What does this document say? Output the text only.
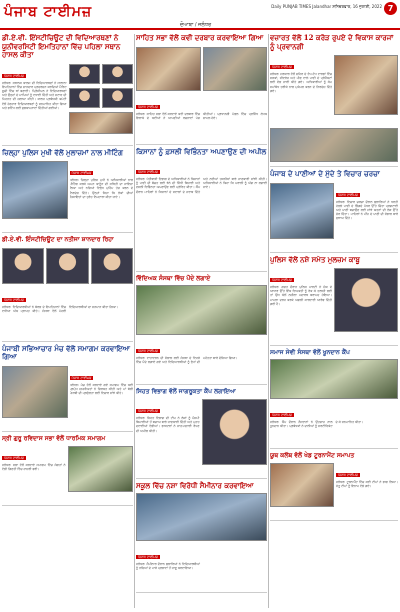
ਪੰਜਾਬ ਟਾਈਮਜ਼	Daily PUNJAB TIMES Jalandhar ਸ਼ਨਿਚਰਵਾਰ, 16 ਜੁਲਾਈ, 2022 7
ਦੋਆਬਾ / ਜਲੰਧਰ
ਡੀ.ਏ.ਵੀ. ਇੰਸਟੀਚਿਊਟ ਦੀ ਵਿਦਿਆਰਥਣਾਂ ਨੇ ਯੂਨੀਵਰਸਿਟੀ ਇਮਤਿਹਾਨਾਂ ਵਿੱਚ ਪਹਿਲਾ ਸਥਾਨ ਹਾਸਲ ਕੀਤਾ
ਪੰਜਾਬ ਟਾਈਮਜ਼
ਜਲੰਧਰ: ਸਥਾਨਕ ਕਾਲਜ ਦੀ ਵਿਦਿਆਰਥਣਾਂ ਨੇ ਸਾਲਾਨਾ ਇਮਤਿਹਾਨਾਂ ਵਿੱਚ ਸ਼ਾਨਦਾਰ ਪ੍ਰਦਰਸ਼ਨ ਕਰਦਿਆਂ ਮੈਰਿਟ ਸੂਚੀ ਵਿੱਚ ਥਾਂ ਬਣਾਈ। ਪ੍ਰਿੰਸੀਪਲ ਨੇ ਵਿਦਿਆਰਥਣਾਂ ਅਤੇ ਉਨ੍ਹਾਂ ਦੇ ਮਾਪਿਆਂ ਨੂੰ ਵਧਾਈ ਦਿੱਤੀ ਅਤੇ ਸਟਾਫ ਦੀ ਮਿਹਨਤ ਦੀ ਸ਼ਲਾਘਾ ਕੀਤੀ। ਕਾਲਜ ਪ੍ਰਬੰਧਕੀ ਕਮੇਟੀ ਵੱਲੋਂ ਹੋਣਹਾਰ ਵਿਦਿਆਰਥਣਾਂ ਨੂੰ ਸਨਮਾਨਿਤ ਕੀਤਾ ਗਿਆ ਅਤੇ ਭਵਿੱਖ ਲਈ ਸ਼ੁਭਕਾਮਨਾਵਾਂ ਦਿੱਤੀਆਂ ਗਈਆਂ।
ਜ਼ਿਲ੍ਹਾ ਪੁਲਿਸ ਮੁਖੀ ਵੱਲੋਂ ਮੁਲਾਜ਼ਮਾਂ ਨਾਲ ਮੀਟਿੰਗ
ਪੰਜਾਬ ਟਾਈਮਜ਼
ਜਲੰਧਰ: ਜ਼ਿਲ੍ਹਾ ਪੁਲਿਸ ਮੁਖੀ ਨੇ ਅਧਿਕਾਰੀਆਂ ਨਾਲ ਮੀਟਿੰਗ ਕਰਕੇ ਅਮਨ ਕਾਨੂੰਨ ਦੀ ਸਥਿਤੀ ਦਾ ਜਾਇਜ਼ਾ ਲਿਆ ਅਤੇ ਨਸ਼ਿਆਂ ਵਿਰੁੱਧ ਮੁਹਿੰਮ ਤੇਜ਼ ਕਰਨ ਦੇ ਨਿਰਦੇਸ਼ ਦਿੱਤੇ। ਉਨ੍ਹਾਂ ਕਿਹਾ ਕਿ ਲੋਕਾਂ ਦੀਆਂ ਸ਼ਿਕਾਇਤਾਂ ਦਾ ਤੁਰੰਤ ਨਿਪਟਾਰਾ ਕੀਤਾ ਜਾਵੇ।
ਡੀ.ਏ.ਵੀ. ਇੰਸਟੀਚਿਊਟ ਦਾ ਨਤੀਜਾ ਸ਼ਾਨਦਾਰ ਰਿਹਾ
ਪੰਜਾਬ ਟਾਈਮਜ਼
ਜਲੰਧਰ: ਵਿਦਿਆਰਥੀਆਂ ਨੇ ਬੋਰਡ ਦੇ ਇਮਤਿਹਾਨਾਂ ਵਿੱਚ ਵਧੀਆ ਅੰਕ ਪ੍ਰਾਪਤ ਕੀਤੇ। ਸੰਸਥਾ ਵੱਲੋਂ ਮੋਹਰੀ ਵਿਦਿਆਰਥੀਆਂ ਦਾ ਸਨਮਾਨ ਕੀਤਾ ਗਿਆ।
ਪੰਜਾਬੀ ਸਭਿਆਚਾਰ ਮੰਚ ਵੱਲੋਂ ਸਮਾਗਮ ਕਰਵਾਇਆ ਗਿਆ
ਪੰਜਾਬ ਟਾਈਮਜ਼
ਜਲੰਧਰ: ਮੰਚ ਵੱਲੋਂ ਕਰਵਾਏ ਗਏ ਸਮਾਗਮ ਵਿੱਚ ਕਈ ਪ੍ਰਮੁੱਖ ਸ਼ਖ਼ਸੀਅਤਾਂ ਨੇ ਸ਼ਿਰਕਤ ਕੀਤੀ ਅਤੇ ਮਾਂ ਬੋਲੀ ਪੰਜਾਬੀ ਦੀ ਪ੍ਰਫੁੱਲਤਾ ਲਈ ਵਿਚਾਰ ਸਾਂਝੇ ਕੀਤੇ।
ਸ੍ਰੀ ਗੁਰੂ ਰਵਿਦਾਸ ਸਭਾ ਵੱਲੋਂ ਧਾਰਮਿਕ ਸਮਾਗਮ
ਪੰਜਾਬ ਟਾਈਮਜ਼
ਜਲੰਧਰ: ਸਭਾ ਵੱਲੋਂ ਕਰਵਾਏ ਸਮਾਗਮ ਵਿੱਚ ਸੰਗਤਾਂ ਨੇ ਵੱਡੀ ਗਿਣਤੀ ਵਿੱਚ ਹਾਜ਼ਰੀ ਭਰੀ।
ਸਾਹਿਤ ਸਭਾ ਵੱਲੋਂ ਕਵੀ ਦਰਬਾਰ ਕਰਵਾਇਆ ਗਿਆ
ਪੰਜਾਬ ਟਾਈਮਜ਼
ਜਲੰਧਰ: ਸਾਹਿਤ ਸਭਾ ਵੱਲੋਂ ਕਰਵਾਏ ਕਵੀ ਦਰਬਾਰ ਵਿੱਚ ਇਲਾਕੇ ਦੇ ਕਵੀਆਂ ਨੇ ਆਪਣੀਆਂ ਰਚਨਾਵਾਂ ਪੇਸ਼ ਕੀਤੀਆਂ। ਪ੍ਰਧਾਨਗੀ ਮੰਡਲ ਵਿੱਚ ਪ੍ਰਸਿੱਧ ਲੇਖਕ ਸ਼ਾਮਲ ਹੋਏ।
ਕਿਸਾਨਾਂ ਨੂੰ ਫ਼ਸਲੀ ਵਿਭਿੰਨਤਾ ਅਪਣਾਉਣ ਦੀ ਅਪੀਲ
ਪੰਜਾਬ ਟਾਈਮਜ਼
ਜਲੰਧਰ: ਖੇਤੀਬਾੜੀ ਵਿਭਾਗ ਦੇ ਅਧਿਕਾਰੀਆਂ ਨੇ ਕਿਸਾਨਾਂ ਨੂੰ ਪਾਣੀ ਦੀ ਬੱਚਤ ਲਈ ਝੋਨੇ ਦੀ ਸਿੱਧੀ ਬਿਜਾਈ ਅਤੇ ਫ਼ਸਲੀ ਵਿਭਿੰਨਤਾ ਅਪਣਾਉਣ ਲਈ ਪ੍ਰੇਰਿਤ ਕੀਤਾ। ਕੈਂਪ ਦੌਰਾਨ ਮਾਹਿਰਾਂ ਨੇ ਕਿਸਾਨਾਂ ਦੇ ਸਵਾਲਾਂ ਦੇ ਜਵਾਬ ਦਿੱਤੇ ਅਤੇ ਨਵੀਆਂ ਤਕਨੀਕਾਂ ਬਾਰੇ ਜਾਣਕਾਰੀ ਸਾਂਝੀ ਕੀਤੀ। ਅਧਿਕਾਰੀਆਂ ਨੇ ਕਿਹਾ ਕਿ ਪਰਾਲੀ ਨੂੰ ਅੱਗ ਨਾ ਲਗਾਈ ਜਾਵੇ।
ਵਿੱਦਿਅਕ ਸੰਸਥਾ ਵਿੱਚ ਪੌਦੇ ਲਗਾਏ
ਪੰਜਾਬ ਟਾਈਮਜ਼
ਜਲੰਧਰ: ਵਾਤਾਵਰਨ ਦੀ ਸੰਭਾਲ ਲਈ ਸੰਸਥਾ ਦੇ ਵਿਹੜੇ ਵਿੱਚ ਪੌਦੇ ਲਗਾਏ ਗਏ ਅਤੇ ਵਿਦਿਆਰਥੀਆਂ ਨੂੰ ਰੁੱਖਾਂ ਦੀ ਮਹੱਤਤਾ ਬਾਰੇ ਦੱਸਿਆ ਗਿਆ।
ਸਿਹਤ ਵਿਭਾਗ ਵੱਲੋਂ ਜਾਗਰੂਕਤਾ ਕੈਂਪ ਲਗਾਇਆ
ਪੰਜਾਬ ਟਾਈਮਜ਼
ਜਲੰਧਰ: ਸਿਹਤ ਵਿਭਾਗ ਦੀ ਟੀਮ ਨੇ ਲੋਕਾਂ ਨੂੰ ਮੌਸਮੀ ਬਿਮਾਰੀਆਂ ਤੋਂ ਬਚਾਅ ਬਾਰੇ ਜਾਣਕਾਰੀ ਦਿੱਤੀ ਅਤੇ ਮੁਫ਼ਤ ਦਵਾਈਆਂ ਵੰਡੀਆਂ। ਡਾਕਟਰਾਂ ਨੇ ਸਾਫ਼-ਸਫ਼ਾਈ ਰੱਖਣ ਦੀ ਅਪੀਲ ਕੀਤੀ।
ਸਕੂਲ ਵਿੱਚ ਨਸ਼ਾ ਵਿਰੋਧੀ ਸੈਮੀਨਾਰ ਕਰਵਾਇਆ
ਪੰਜਾਬ ਟਾਈਮਜ਼
ਜਲੰਧਰ: ਸੈਮੀਨਾਰ ਦੌਰਾਨ ਬੁਲਾਰਿਆਂ ਨੇ ਵਿਦਿਆਰਥੀਆਂ ਨੂੰ ਨਸ਼ਿਆਂ ਦੇ ਮਾੜੇ ਪ੍ਰਭਾਵਾਂ ਤੋਂ ਜਾਣੂ ਕਰਵਾਇਆ।
ਵਜ਼ਾਰਤ ਵੱਲੋਂ 12 ਕਰੋੜ ਰੁਪਏ ਦੇ ਵਿਕਾਸ ਕਾਰਜਾਂ ਨੂੰ ਪ੍ਰਵਾਨਗੀ
ਪੰਜਾਬ ਟਾਈਮਜ਼
ਜਲੰਧਰ: ਸਰਕਾਰ ਵੱਲੋਂ ਸ਼ਹਿਰ ਦੇ ਵੱਖ-ਵੱਖ ਵਾਰਡਾਂ ਵਿੱਚ ਸੜਕਾਂ, ਸੀਵਰੇਜ ਅਤੇ ਪੀਣ ਵਾਲੇ ਪਾਣੀ ਦੇ ਪ੍ਰੋਜੈਕਟਾਂ ਲਈ ਫੰਡ ਜਾਰੀ ਕੀਤੇ ਗਏ। ਅਧਿਕਾਰੀਆਂ ਨੂੰ ਕੰਮ ਸਮਾਂਬੱਧ ਤਰੀਕੇ ਨਾਲ ਮੁਕੰਮਲ ਕਰਨ ਦੇ ਨਿਰਦੇਸ਼ ਦਿੱਤੇ ਗਏ।
ਪੰਜਾਬ ਦੇ ਪਾਣੀਆਂ ਦੇ ਮੁੱਦੇ ਤੇ ਵਿਚਾਰ ਚਰਚਾ
ਪੰਜਾਬ ਟਾਈਮਜ਼
ਜਲੰਧਰ: ਵਿਚਾਰ ਚਰਚਾ ਦੌਰਾਨ ਬੁਲਾਰਿਆਂ ਨੇ ਧਰਤੀ ਹੇਠਲੇ ਪਾਣੀ ਦੇ ਡਿੱਗਦੇ ਪੱਧਰ ਉੱਤੇ ਚਿੰਤਾ ਪ੍ਰਗਟਾਈ ਅਤੇ ਪਾਣੀ ਬਚਾਉਣ ਲਈ ਸਾਂਝੇ ਯਤਨਾਂ ਦੀ ਲੋੜ ਉੱਤੇ ਜ਼ੋਰ ਦਿੱਤਾ। ਮਾਹਿਰਾਂ ਨੇ ਮੀਂਹ ਦੇ ਪਾਣੀ ਦੀ ਸੰਭਾਲ ਬਾਰੇ ਸੁਝਾਅ ਦਿੱਤੇ।
ਪੁਲਿਸ ਵੱਲੋਂ ਨਸ਼ੇ ਸਮੇਤ ਮੁਲਜ਼ਮ ਕਾਬੂ
ਪੰਜਾਬ ਟਾਈਮਜ਼
ਜਲੰਧਰ: ਗਸ਼ਤ ਦੌਰਾਨ ਪੁਲਿਸ ਪਾਰਟੀ ਨੇ ਸ਼ੱਕ ਦੇ ਆਧਾਰ ਉੱਤੇ ਇੱਕ ਵਿਅਕਤੀ ਨੂੰ ਰੋਕ ਕੇ ਤਲਾਸ਼ੀ ਲਈ ਤਾਂ ਉਸ ਕੋਲੋਂ ਨਸ਼ੀਲਾ ਪਦਾਰਥ ਬਰਾਮਦ ਹੋਇਆ। ਮਾਮਲਾ ਦਰਜ ਕਰਕੇ ਅਗਲੀ ਕਾਰਵਾਈ ਆਰੰਭ ਦਿੱਤੀ ਗਈ ਹੈ।
ਸਮਾਜ ਸੇਵੀ ਸੰਸਥਾ ਵੱਲੋਂ ਖੂਨਦਾਨ ਕੈਂਪ
ਪੰਜਾਬ ਟਾਈਮਜ਼
ਜਲੰਧਰ: ਕੈਂਪ ਦੌਰਾਨ ਨੌਜਵਾਨਾਂ ਨੇ ਉਤਸ਼ਾਹ ਨਾਲ ਖੂਨਦਾਨ ਕੀਤਾ। ਪ੍ਰਬੰਧਕਾਂ ਨੇ ਦਾਨੀਆਂ ਨੂੰ ਸਰਟੀਫਿਕੇਟ ਦੇ ਕੇ ਸਨਮਾਨਿਤ ਕੀਤਾ।
ਯੂਥ ਕਲੱਬ ਵੱਲੋਂ ਖੇਡ ਟੂਰਨਾਮੈਂਟ ਸਮਾਪਤ
ਪੰਜਾਬ ਟਾਈਮਜ਼
ਜਲੰਧਰ: ਟੂਰਨਾਮੈਂਟ ਵਿੱਚ ਕਈ ਟੀਮਾਂ ਨੇ ਭਾਗ ਲਿਆ। ਜੇਤੂ ਟੀਮਾਂ ਨੂੰ ਇਨਾਮ ਵੰਡੇ ਗਏ।
